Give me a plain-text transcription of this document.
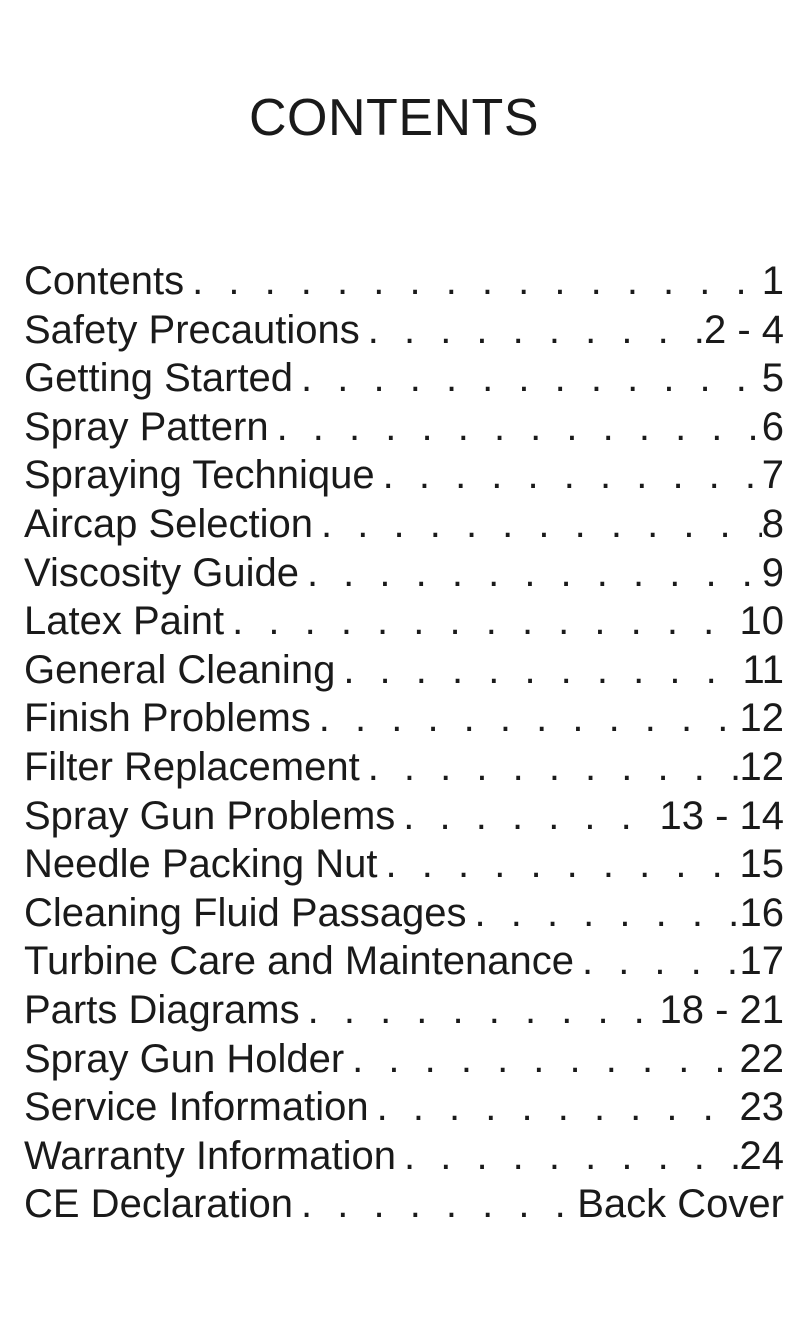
CONTENTS
Contents . . .	1
Safety Precautions . . .	2 - 4
Getting Started . . .	5
Spray Pattern . . .	6
Spraying Technique . . .	7
Aircap Selection . . .	8
Viscosity Guide . . .	9
Latex Paint . . .	10
General Cleaning . . .	11
Finish Problems . . .	12
Filter Replacement . . .	12
Spray Gun Problems . . .	13 - 14
Needle Packing Nut . . .	15
Cleaning Fluid Passages . . .	16
Turbine Care and Maintenance . . .	17
Parts Diagrams . . .	18 - 21
Spray Gun Holder . . .	22
Service Information . . .	23
Warranty Information . . .	24
CE Declaration . . .	Back Cover
